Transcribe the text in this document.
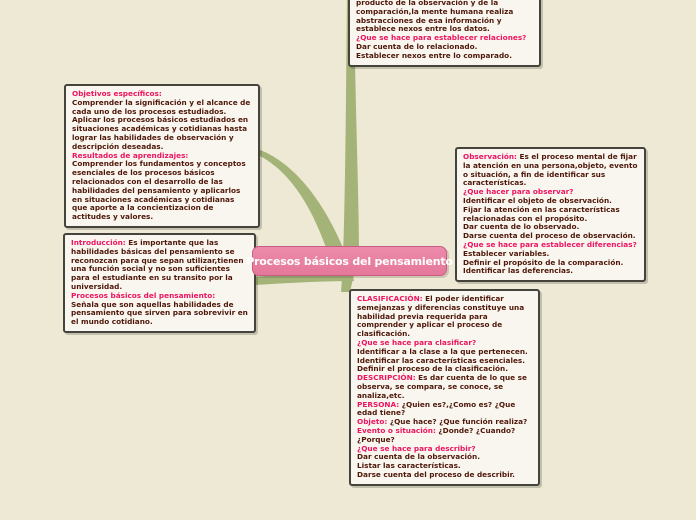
producto de la observación y de la comparación,la mente humana realiza abstracciones de esa información y establece nexos entre los datos.
¿Que se hace para establecer relaciones?
Dar cuenta de lo relacionado.
Establecer nexos entre lo comparado.
Objetivos específicos:
Comprender la significación y el alcance de cada uno de los procesos estudiados.
Aplicar los procesos básicos estudiados en situaciones académicas y cotidianas hasta lograr las habilidades de observación y descripción deseadas.
Resultados de aprendizajes:
Comprender los fundamentos y conceptos esenciales de los procesos básicos relacionados con el desarrollo de las habilidades del pensamiento y aplicarlos en situaciones académicas y cotidianas que aporte a la concientizacion de actitudes y valores.
Introducción: Es importante que las habilidades básicas del pensamiento se reconozcan para que sepan utilizar,tienen una función social y no son suficientes para el estudiante en su transito por la universidad.
Procesos básicos del pensamiento:
Señala que son aquellas habilidades de pensamiento que sirven para sobrevivir en el mundo cotidiano.
Observación: Es el proceso mental de fijar la atención en una persona,objeto, evento o situación, a fin de identificar sus características.
¿Que hacer para observar?
Identificar el objeto de observación.
Fijar la atención en las características relacionadas con el propósito.
Dar cuenta de lo observado.
Darse cuenta del proceso de observación.
¿Que se hace para establecer diferencias?
Establecer variables.
Definir el propósito de la comparación.
Identificar las deferencias.
CLASIFICACIÓN: El poder identificar semejanzas y diferencias constituye una habilidad previa requerida para comprender y aplicar el proceso de clasificación.
¿Que se hace para clasificar?
Identificar a la clase a la que pertenecen.
Identificar las características esenciales.
Definir el proceso de la clasificación.
DESCRIPCIÓN: Es dar cuenta de lo que se observa, se compara, se conoce, se analiza,etc.
PERSONA: ¿Quien es?,¿Como es? ¿Que edad tiene?
Objeto: ¿Que hace? ¿Que función realiza?
Evento o situación: ¿Donde? ¿Cuando? ¿Porque?
¿Que se hace para describir?
Dar cuenta de la observación.
Listar las características.
Darse cuenta del proceso de describir.
Procesos básicos del pensamiento
